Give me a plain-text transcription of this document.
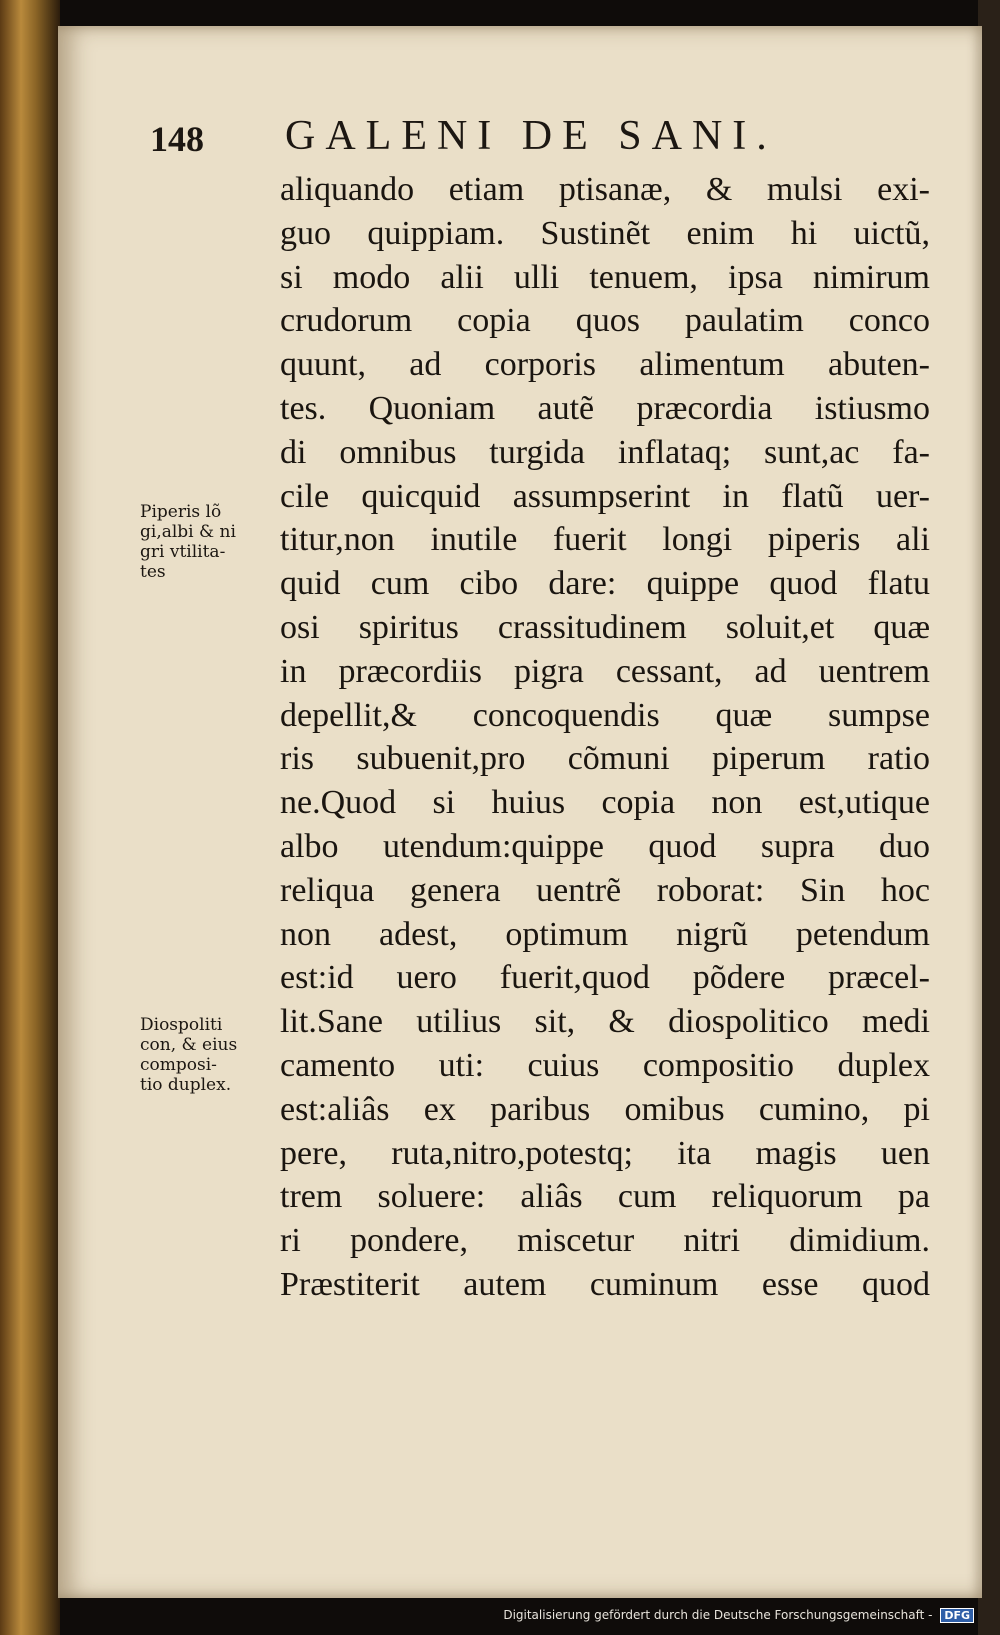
148 GALENI DE SANI.
aliquando etiam ptisanæ, & mulsi exi-
guo quippiam. Sustinẽt enim hi uictũ,
si modo alii ulli tenuem, ipsa nimirum
crudorum copia quos paulatim conco
quunt, ad corporis alimentum abuten-
tes. Quoniam autẽ præcordia istiusmo
di omnibus turgida inflataq; sunt,ac fa-
cile quicquid assumpserint in flatũ uer-
titur,non inutile fuerit longi piperis ali
quid cum cibo dare: quippe quod flatu
osi spiritus crassitudinem soluit,et quæ
in præcordiis pigra cessant, ad uentrem
depellit,& concoquendis quæ sumpse
ris subuenit,pro cõmuni piperum ratio
ne.Quod si huius copia non est,utique
albo utendum:quippe quod supra duo
reliqua genera uentrẽ roborat: Sin hoc
non adest, optimum nigrũ petendum
est:id uero fuerit,quod põdere præcel-
lit.Sane utilius sit, & diospolitico medi
camento uti: cuius compositio duplex
est:aliâs ex paribus omibus cumino, pi
pere, ruta,nitro,potestq; ita magis uen
trem soluere: aliâs cum reliquorum pa
ri pondere, miscetur nitri dimidium.
Præstiterit autem cuminum esse quod
Piperis lõ
gi,albi & ni
gri vtilita-
tes
Diospoliti
con, & eius
composi-
tio duplex.
Digitalisierung gefördert durch die Deutsche Forschungsgemeinschaft - DFG
